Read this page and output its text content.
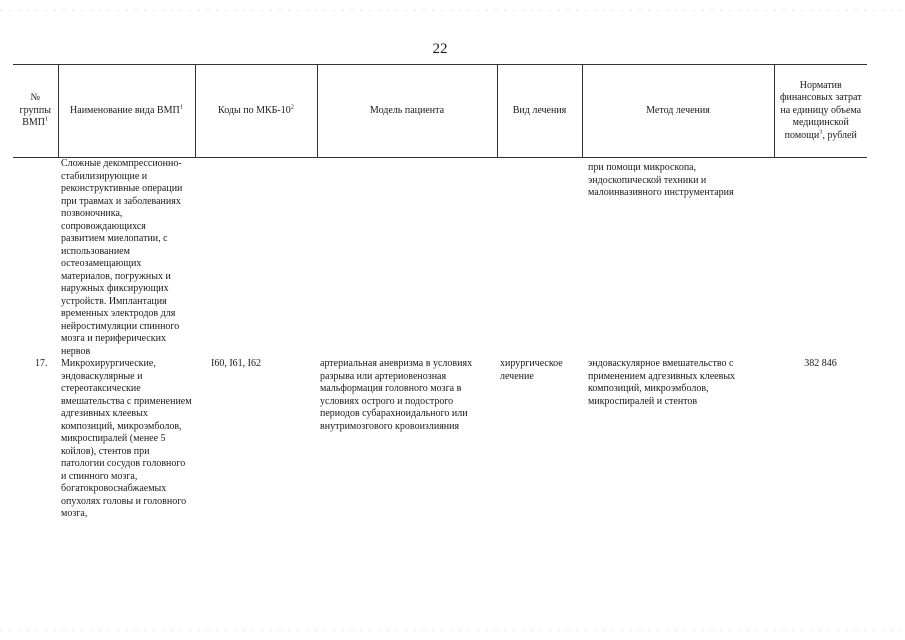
22
№ группы ВМП$^1$	Наименование вида ВМП$^1$	Коды по МКБ-$10^2$	Модель пациента	Вид лечения	Метод лечения	Норматив финансовых затрат на единицу объема медицинской помощи$^3$, рублей
	Сложные декомпрессионно-стабилизирующие и реконструктивные операции при травмах и заболеваниях позвоночника, сопровождающихся развитием миелопатии, с использованием остеозамещающих материалов, погружных и наружных фиксирующих устройств. Имплантация временных электродов для нейростимуляции спинного мозга и периферических нервов				при помощи микроскопа, эндоскопической техники и малоинвазивного инструментария	
17.	Микрохирургические, эндоваскулярные и стереотаксические вмешательства с применением адгезивных клеевых композиций, микроэмболов, микроспиралей (менее 5 койлов), стентов при патологии сосудов головного и спинного мозга, богатокровоснабжаемых опухолях головы и головного мозга,	I60, I61, I62	артериальная аневризма в условиях разрыва или артериовенозная мальформация головного мозга в условиях острого и подострого периодов субарахноидального или внутримозгового кровоизлияния	хирургическое лечение	эндоваскулярное вмешательство с применением адгезивных клеевых композиций, микроэмболов, микроспиралей и стентов	382 846
